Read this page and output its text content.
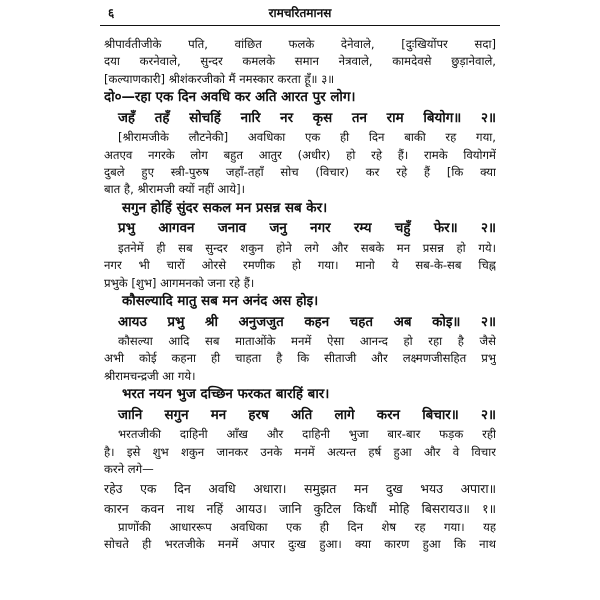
६	रामचरितमानस
श्रीपार्वतीजीके पति, वांछित फलके देनेवाले, [दुःखियोंपर सदा]
दया करनेवाले, सुन्दर कमलके समान नेत्रवाले, कामदेवसे छुड़ानेवाले,
[कल्याणकारी] श्रीशंकरजीको मैं नमस्कार करता हूँ॥ ३॥
दो०—रहा एक दिन अवधि कर अति आरत पुर लोग।
जहँ तहँ सोचहिं नारि नर कृस तन राम बियोग॥ २॥
[श्रीरामजीके लौटनेकी] अवधिका एक ही दिन बाकी रह गया,
अतएव नगरके लोग बहुत आतुर (अधीर) हो रहे हैं। रामके वियोगमें
दुबले हुए स्त्री-पुरुष जहाँ-तहाँ सोच (विचार) कर रहे हैं [कि क्या
बात है, श्रीरामजी क्यों नहीं आये]।
सगुन होहिं सुंदर सकल मन प्रसन्न सब केर।
प्रभु आगवन जनाव जनु नगर रम्य चहुँ फेर॥ २॥
इतनेमें ही सब सुन्दर शकुन होने लगे और सबके मन प्रसन्न हो गये।
नगर भी चारों ओरसे रमणीक हो गया। मानो ये सब-के-सब चिह्न
प्रभुके [शुभ] आगमनको जना रहे हैं।
कौसल्यादि मातु सब मन अनंद अस होइ।
आयउ प्रभु श्री अनुजजुत कहन चहत अब कोइ॥ २॥
कौसल्या आदि सब माताओंके मनमें ऐसा आनन्द हो रहा है जैसे
अभी कोई कहना ही चाहता है कि सीताजी और लक्ष्मणजीसहित प्रभु
श्रीरामचन्द्रजी आ गये।
भरत नयन भुज दच्छिन फरकत बारहिं बार।
जानि सगुन मन हरष अति लागे करन बिचार॥ २॥
भरतजीकी दाहिनी आँख और दाहिनी भुजा बार-बार फड़क रही
है। इसे शुभ शकुन जानकर उनके मनमें अत्यन्त हर्ष हुआ और वे विचार
करने लगे—
रहेउ एक दिन अवधि अधारा। समुझत मन दुख भयउ अपारा॥
कारन कवन नाथ नहिं आयउ। जानि कुटिल किधौं मोहि बिसरायउ॥ १॥
प्राणोंकी आधाररूप अवधिका एक ही दिन शेष रह गया। यह
सोचते ही भरतजीके मनमें अपार दुःख हुआ। क्या कारण हुआ कि नाथ
